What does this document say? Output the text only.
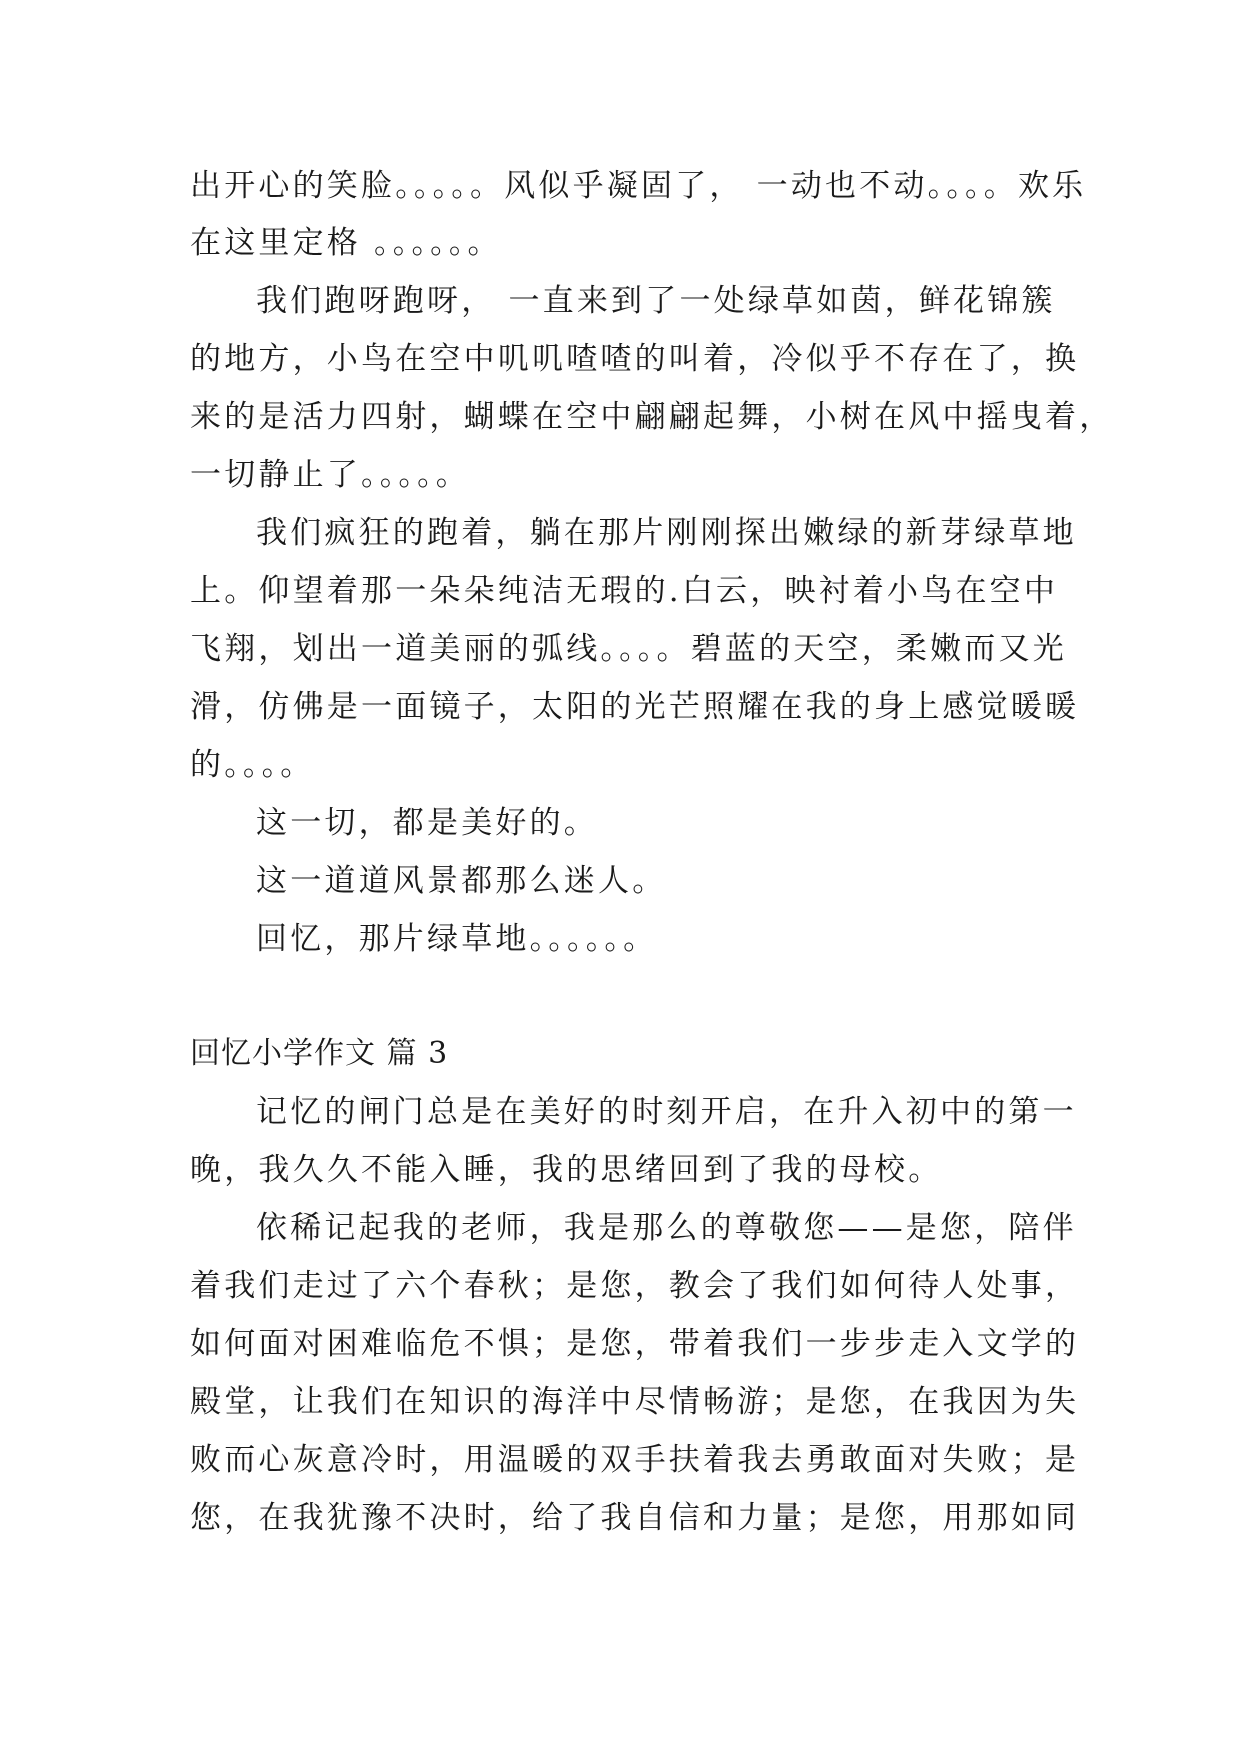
出开心的笑脸。。。。。风似乎凝固了， 一动也不动。。。。欢乐
在这里定格 。。。。。。
我们跑呀跑呀， 一直来到了一处绿草如茵，鲜花锦簇
的地方，小鸟在空中叽叽喳喳的叫着，冷似乎不存在了，换
来的是活力四射，蝴蝶在空中翩翩起舞，小树在风中摇曳着，
一切静止了。。。。。
我们疯狂的跑着，躺在那片刚刚探出嫩绿的新芽绿草地
上。仰望着那一朵朵纯洁无瑕的.白云，映衬着小鸟在空中
飞翔，划出一道美丽的弧线。。。。碧蓝的天空，柔嫩而又光
滑，仿佛是一面镜子，太阳的光芒照耀在我的身上感觉暖暖
的。。。。
这一切，都是美好的。
这一道道风景都那么迷人。
回忆，那片绿草地。。。。。。
回忆小学作文 篇 3
记忆的闸门总是在美好的时刻开启，在升入初中的第一
晚，我久久不能入睡，我的思绪回到了我的母校。
依稀记起我的老师，我是那么的尊敬您——是您，陪伴
着我们走过了六个春秋；是您，教会了我们如何待人处事，
如何面对困难临危不惧；是您，带着我们一步步走入文学的
殿堂，让我们在知识的海洋中尽情畅游；是您，在我因为失
败而心灰意冷时，用温暖的双手扶着我去勇敢面对失败；是
您，在我犹豫不决时，给了我自信和力量；是您，用那如同
